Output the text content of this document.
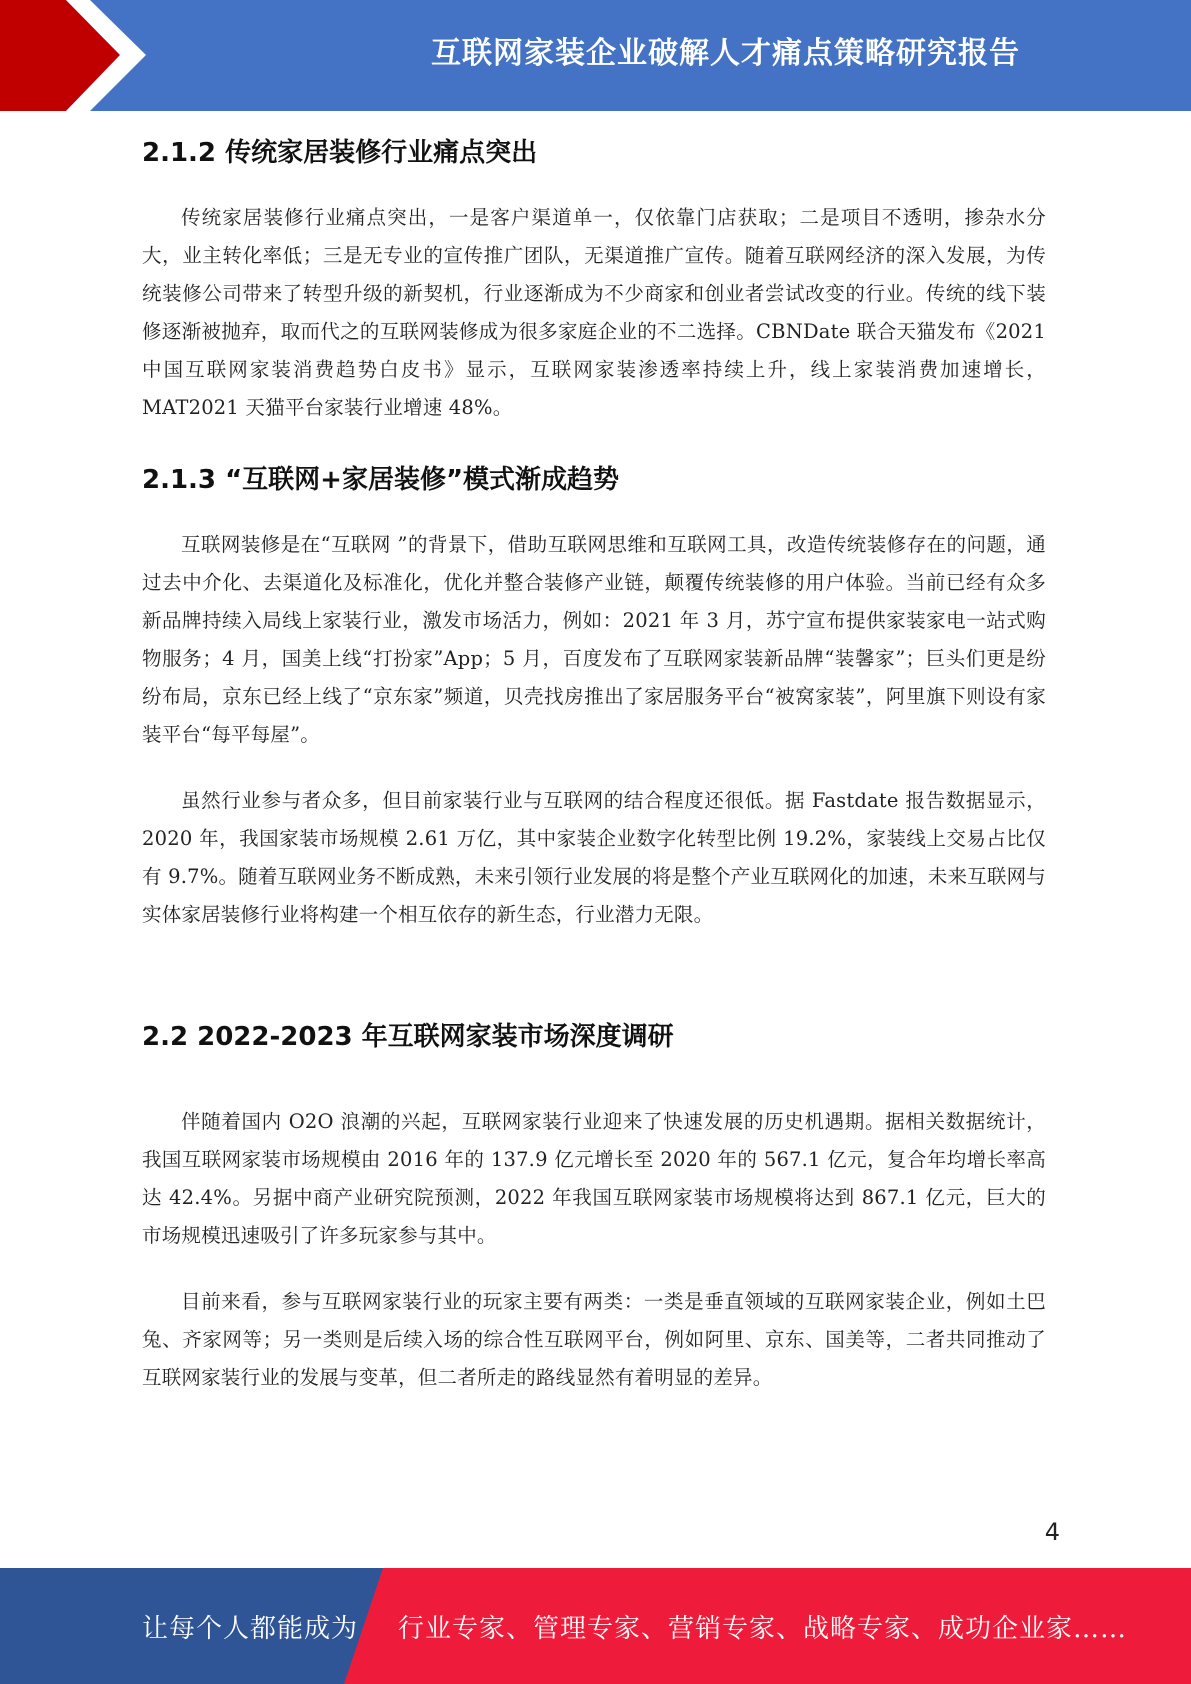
互联网家装企业破解人才痛点策略研究报告
2.1.2 传统家居装修行业痛点突出

传统家居装修行业痛点突出，一是客户渠道单一，仅依靠门店获取；二是项目不透明，掺杂水分大，业主转化率低；三是无专业的宣传推广团队，无渠道推广宣传。随着互联网经济的深入发展，为传统装修公司带来了转型升级的新契机，行业逐渐成为不少商家和创业者尝试改变的行业。传统的线下装修逐渐被抛弃，取而代之的互联网装修成为很多家庭企业的不二选择。CBNDate 联合天猫发布《2021 中国互联网家装消费趋势白皮书》显示，互联网家装渗透率持续上升，线上家装消费加速增长，MAT2021 天猫平台家装行业增速 48%。

2.1.3 “互联网+家居装修”模式渐成趋势

互联网装修是在“互联网 ”的背景下，借助互联网思维和互联网工具，改造传统装修存在的问题，通过去中介化、去渠道化及标准化，优化并整合装修产业链，颠覆传统装修的用户体验。当前已经有众多新品牌持续入局线上家装行业，激发市场活力，例如：2021 年 3 月，苏宁宣布提供家装家电一站式购物服务；4 月，国美上线“打扮家”App；5 月，百度发布了互联网家装新品牌“装馨家”；巨头们更是纷纷布局，京东已经上线了“京东家”频道，贝壳找房推出了家居服务平台“被窝家装”，阿里旗下则设有家装平台“每平每屋”。

虽然行业参与者众多，但目前家装行业与互联网的结合程度还很低。据 Fastdate 报告数据显示，2020 年，我国家装市场规模 2.61 万亿，其中家装企业数字化转型比例 19.2%，家装线上交易占比仅有 9.7%。随着互联网业务不断成熟，未来引领行业发展的将是整个产业互联网化的加速，未来互联网与实体家居装修行业将构建一个相互依存的新生态，行业潜力无限。

2.2 2022-2023 年互联网家装市场深度调研

伴随着国内 O2O 浪潮的兴起，互联网家装行业迎来了快速发展的历史机遇期。据相关数据统计，我国互联网家装市场规模由 2016 年的 137.9 亿元增长至 2020 年的 567.1 亿元，复合年均增长率高达 42.4%。另据中商产业研究院预测，2022 年我国互联网家装市场规模将达到 867.1 亿元，巨大的市场规模迅速吸引了许多玩家参与其中。

目前来看，参与互联网家装行业的玩家主要有两类：一类是垂直领域的互联网家装企业，例如土巴兔、齐家网等；另一类则是后续入场的综合性互联网平台，例如阿里、京东、国美等，二者共同推动了互联网家装行业的发展与变革，但二者所走的路线显然有着明显的差异。

4
让每个人都能成为 行业专家、管理专家、营销专家、战略专家、成功企业家……
